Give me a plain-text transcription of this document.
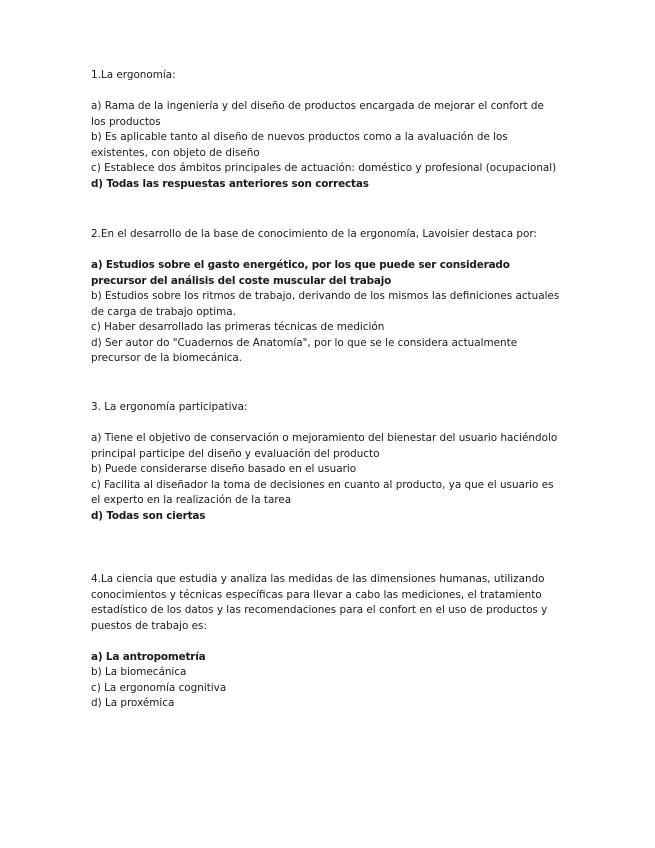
1.La ergonomía:
a) Rama de la ingeniería y del diseño de productos encargada de mejorar el confort de los productos
b) Es aplicable tanto al diseño de nuevos productos como a la avaluación de los existentes, con objeto de diseño
c) Establece dos ámbitos principales de actuación: doméstico y profesional (ocupacional)
d) Todas las respuestas anteriores son correctas
2.En el desarrollo de la base de conocimiento de la ergonomía, Lavoisier destaca por:
a) Estudios sobre el gasto energético, por los que puede ser considerado precursor del análisis del coste muscular del trabajo
b) Estudios sobre los ritmos de trabajo, derivando de los mismos las definiciones actuales de carga de trabajo optima.
c) Haber desarrollado las primeras técnicas de medición
d) Ser autor do "Cuadernos de Anatomía", por lo que se le considera actualmente precursor de la biomecánica.
3. La ergonomía participativa:
a) Tiene el objetivo de conservación o mejoramiento del bienestar del usuario haciéndolo principal participe del diseño y evaluación del producto
b) Puede considerarse diseño basado en el usuario
c) Facilita al diseñador la toma de decisiones en cuanto al producto, ya que el usuario es el experto en la realización de la tarea
d) Todas son ciertas
4.La ciencia que estudia y analiza las medidas de las dimensiones humanas, utilizando conocimientos y técnicas específicas para llevar a cabo las mediciones, el tratamiento estadístico de los datos y las recomendaciones para el confort en el uso de productos y puestos de trabajo es:
a) La antropometría
b) La biomecánica
c) La ergonomía cognitiva
d) La proxémica
